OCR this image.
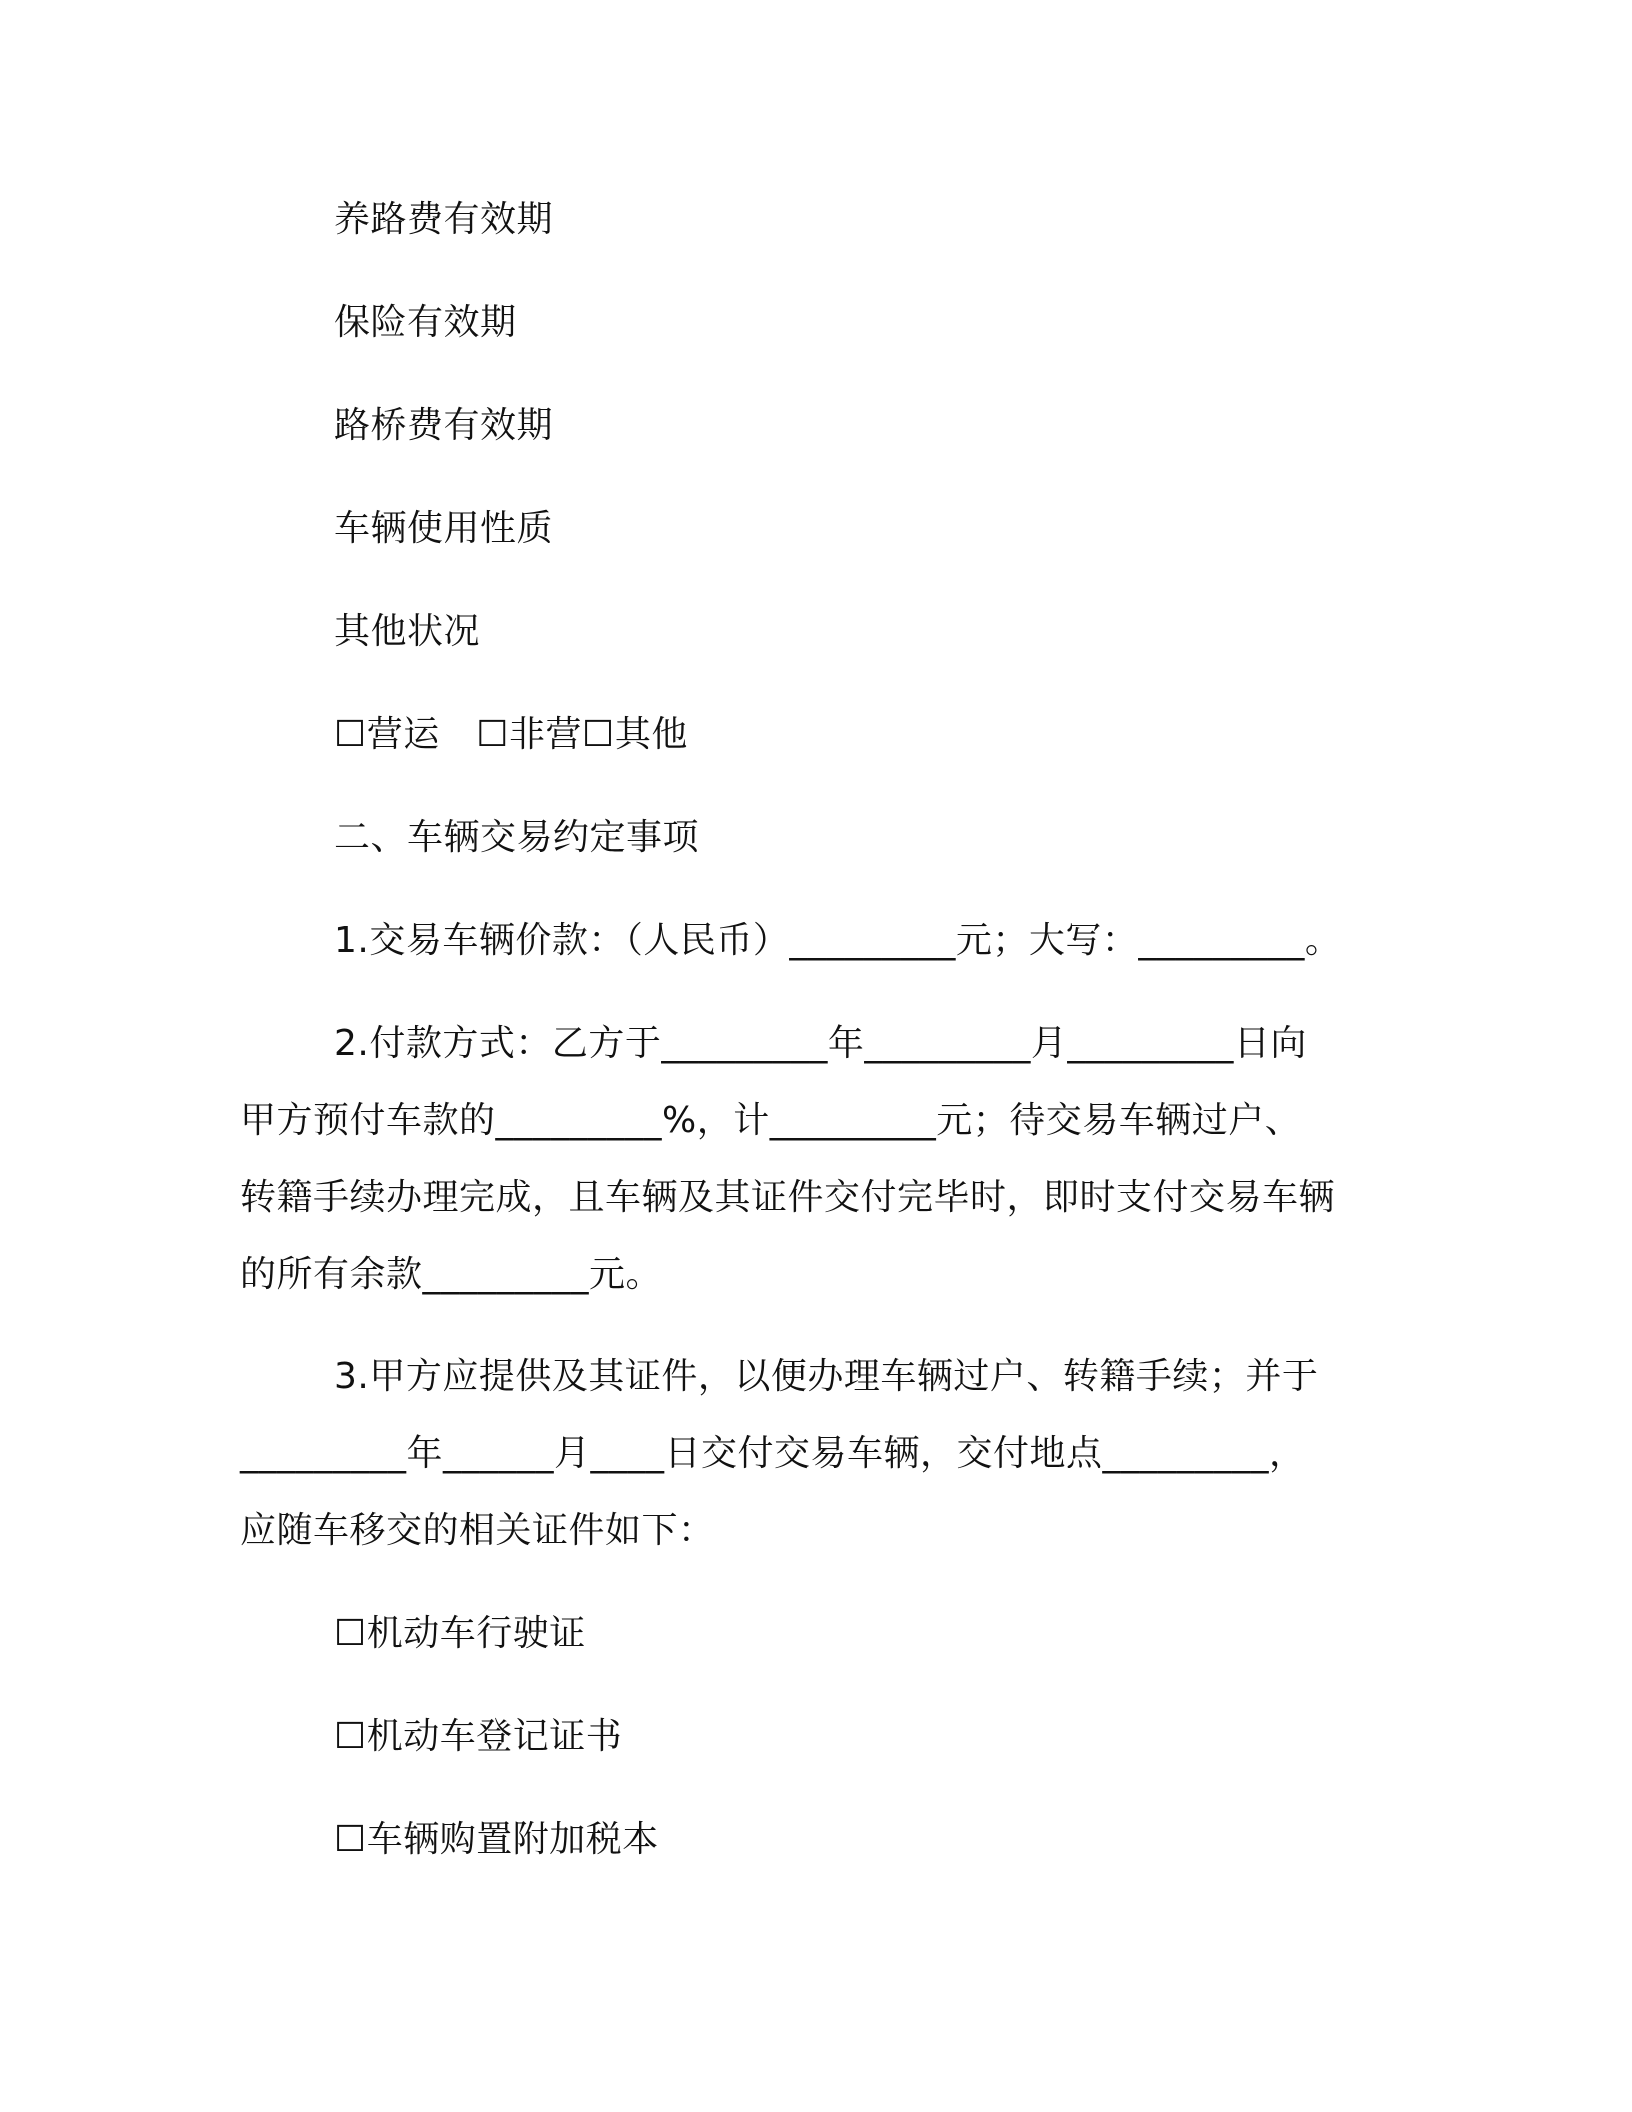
养路费有效期
保险有效期
路桥费有效期
车辆使用性质
其他状况
☐营运　☐非营☐其他
二、车辆交易约定事项
1.交易车辆价款：（人民币）_________元；大写：_________。
2.付款方式：乙方于_________年_________月_________日向
甲方预付车款的_________%，计_________元；待交易车辆过户、
转籍手续办理完成，且车辆及其证件交付完毕时，即时支付交易车辆
的所有余款_________元。
3.甲方应提供及其证件，以便办理车辆过户、转籍手续；并于
_________年______月____日交付交易车辆，交付地点_________，
应随车移交的相关证件如下：
☐机动车行驶证
☐机动车登记证书
☐车辆购置附加税本
